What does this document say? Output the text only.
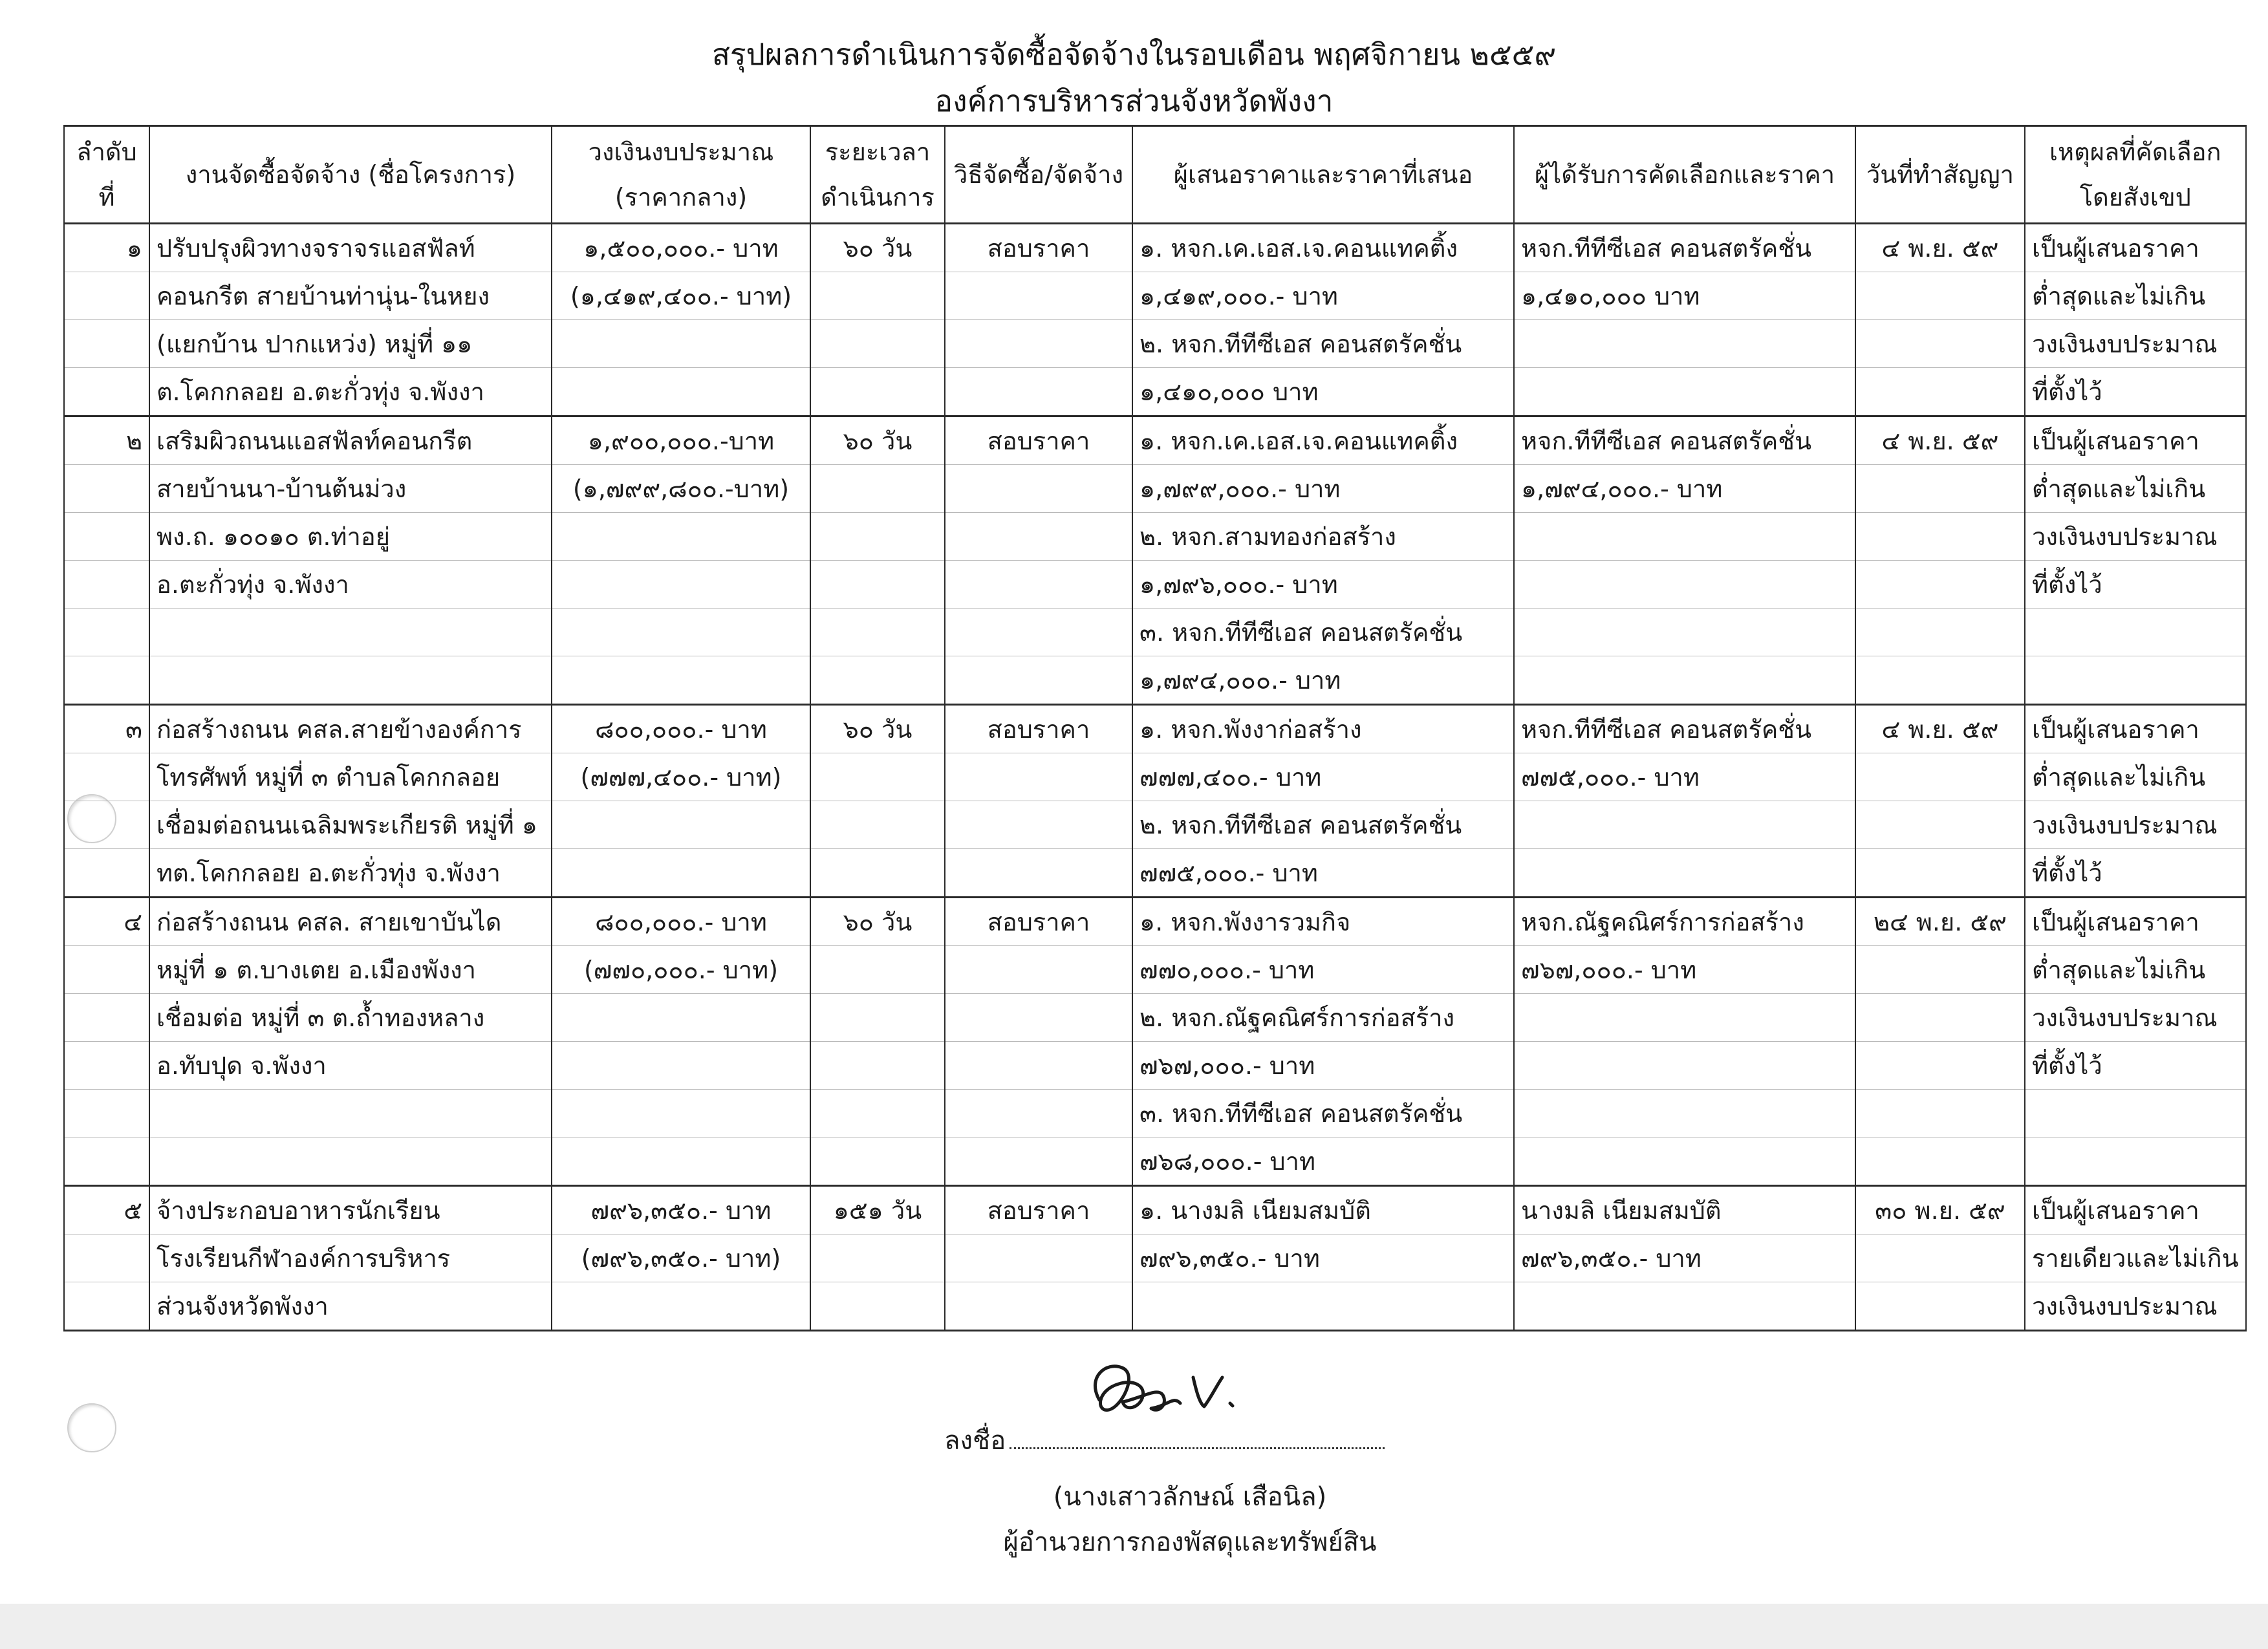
สรุปผลการดำเนินการจัดซื้อจัดจ้างในรอบเดือน พฤศจิกายน ๒๕๕๙
องค์การบริหารส่วนจังหวัดพังงา
ลำดับที่	งานจัดซื้อจัดจ้าง (ชื่อโครงการ)	วงเงินงบประมาณ (ราคากลาง)	ระยะเวลาดำเนินการ	วิธีจัดซื้อ/จัดจ้าง	ผู้เสนอราคาและราคาที่เสนอ	ผู้ได้รับการคัดเลือกและราคา	วันที่ทำสัญญา	เหตุผลที่คัดเลือกโดยสังเขป
๑	ปรับปรุงผิวทางจราจรแอสฟัลท์	๑,๕๐๐,๐๐๐.- บาท	๖๐ วัน	สอบราคา	๑. หจก.เค.เอส.เจ.คอนแทคติ้ง	หจก.ทีทีซีเอส คอนสตรัคชั่น	๔ พ.ย. ๕๙	เป็นผู้เสนอราคา
	คอนกรีต สายบ้านท่านุ่น-ในหยง	(๑,๔๑๙,๔๐๐.- บาท)			๑,๔๑๙,๐๐๐.- บาท	๑,๔๑๐,๐๐๐ บาท		ต่ำสุดและไม่เกิน
	(แยกบ้าน ปากแหว่ง) หมู่ที่ ๑๑				๒. หจก.ทีทีซีเอส คอนสตรัคชั่น			วงเงินงบประมาณ
	ต.โคกกลอย อ.ตะกั่วทุ่ง จ.พังงา				๑,๔๑๐,๐๐๐ บาท			ที่ตั้งไว้
๒	เสริมผิวถนนแอสฟัลท์คอนกรีต	๑,๙๐๐,๐๐๐.-บาท	๖๐ วัน	สอบราคา	๑. หจก.เค.เอส.เจ.คอนแทคติ้ง	หจก.ทีทีซีเอส คอนสตรัคชั่น	๔ พ.ย. ๕๙	เป็นผู้เสนอราคา
	สายบ้านนา-บ้านต้นม่วง	(๑,๗๙๙,๘๐๐.-บาท)			๑,๗๙๙,๐๐๐.- บาท	๑,๗๙๔,๐๐๐.- บาท		ต่ำสุดและไม่เกิน
	พง.ถ. ๑๐๐๑๐ ต.ท่าอยู่				๒. หจก.สามทองก่อสร้าง			วงเงินงบประมาณ
	อ.ตะกั่วทุ่ง จ.พังงา				๑,๗๙๖,๐๐๐.- บาท			ที่ตั้งไว้
					๓. หจก.ทีทีซีเอส คอนสตรัคชั่น			
					๑,๗๙๔,๐๐๐.- บาท			
๓	ก่อสร้างถนน คสล.สายข้างองค์การ	๘๐๐,๐๐๐.- บาท	๖๐ วัน	สอบราคา	๑. หจก.พังงาก่อสร้าง	หจก.ทีทีซีเอส คอนสตรัคชั่น	๔ พ.ย. ๕๙	เป็นผู้เสนอราคา
	โทรศัพท์ หมู่ที่ ๓ ตำบลโคกกลอย	(๗๗๗,๔๐๐.- บาท)			๗๗๗,๔๐๐.- บาท	๗๗๕,๐๐๐.- บาท		ต่ำสุดและไม่เกิน
	เชื่อมต่อถนนเฉลิมพระเกียรติ หมู่ที่ ๑				๒. หจก.ทีทีซีเอส คอนสตรัคชั่น			วงเงินงบประมาณ
	ทต.โคกกลอย อ.ตะกั่วทุ่ง จ.พังงา				๗๗๕,๐๐๐.- บาท			ที่ตั้งไว้
๔	ก่อสร้างถนน คสล. สายเขาบันได	๘๐๐,๐๐๐.- บาท	๖๐ วัน	สอบราคา	๑. หจก.พังงารวมกิจ	หจก.ณัฐคณิศร์การก่อสร้าง	๒๔ พ.ย. ๕๙	เป็นผู้เสนอราคา
	หมู่ที่ ๑ ต.บางเตย อ.เมืองพังงา	(๗๗๐,๐๐๐.- บาท)			๗๗๐,๐๐๐.- บาท	๗๖๗,๐๐๐.- บาท		ต่ำสุดและไม่เกิน
	เชื่อมต่อ หมู่ที่ ๓ ต.ถ้ำทองหลาง				๒. หจก.ณัฐคณิศร์การก่อสร้าง			วงเงินงบประมาณ
	อ.ทับปุด จ.พังงา				๗๖๗,๐๐๐.- บาท			ที่ตั้งไว้
					๓. หจก.ทีทีซีเอส คอนสตรัคชั่น			
					๗๖๘,๐๐๐.- บาท			
๕	จ้างประกอบอาหารนักเรียน	๗๙๖,๓๕๐.- บาท	๑๕๑ วัน	สอบราคา	๑. นางมลิ เนียมสมบัติ	นางมลิ เนียมสมบัติ	๓๐ พ.ย. ๕๙	เป็นผู้เสนอราคา
	โรงเรียนกีฬาองค์การบริหาร	(๗๙๖,๓๕๐.- บาท)			๗๙๖,๓๕๐.- บาท	๗๙๖,๓๕๐.- บาท		รายเดียวและไม่เกิน
	ส่วนจังหวัดพังงา							วงเงินงบประมาณ
ลงชื่อ
(นางเสาวลักษณ์ เสือนิล)
ผู้อำนวยการกองพัสดุและทรัพย์สิน
